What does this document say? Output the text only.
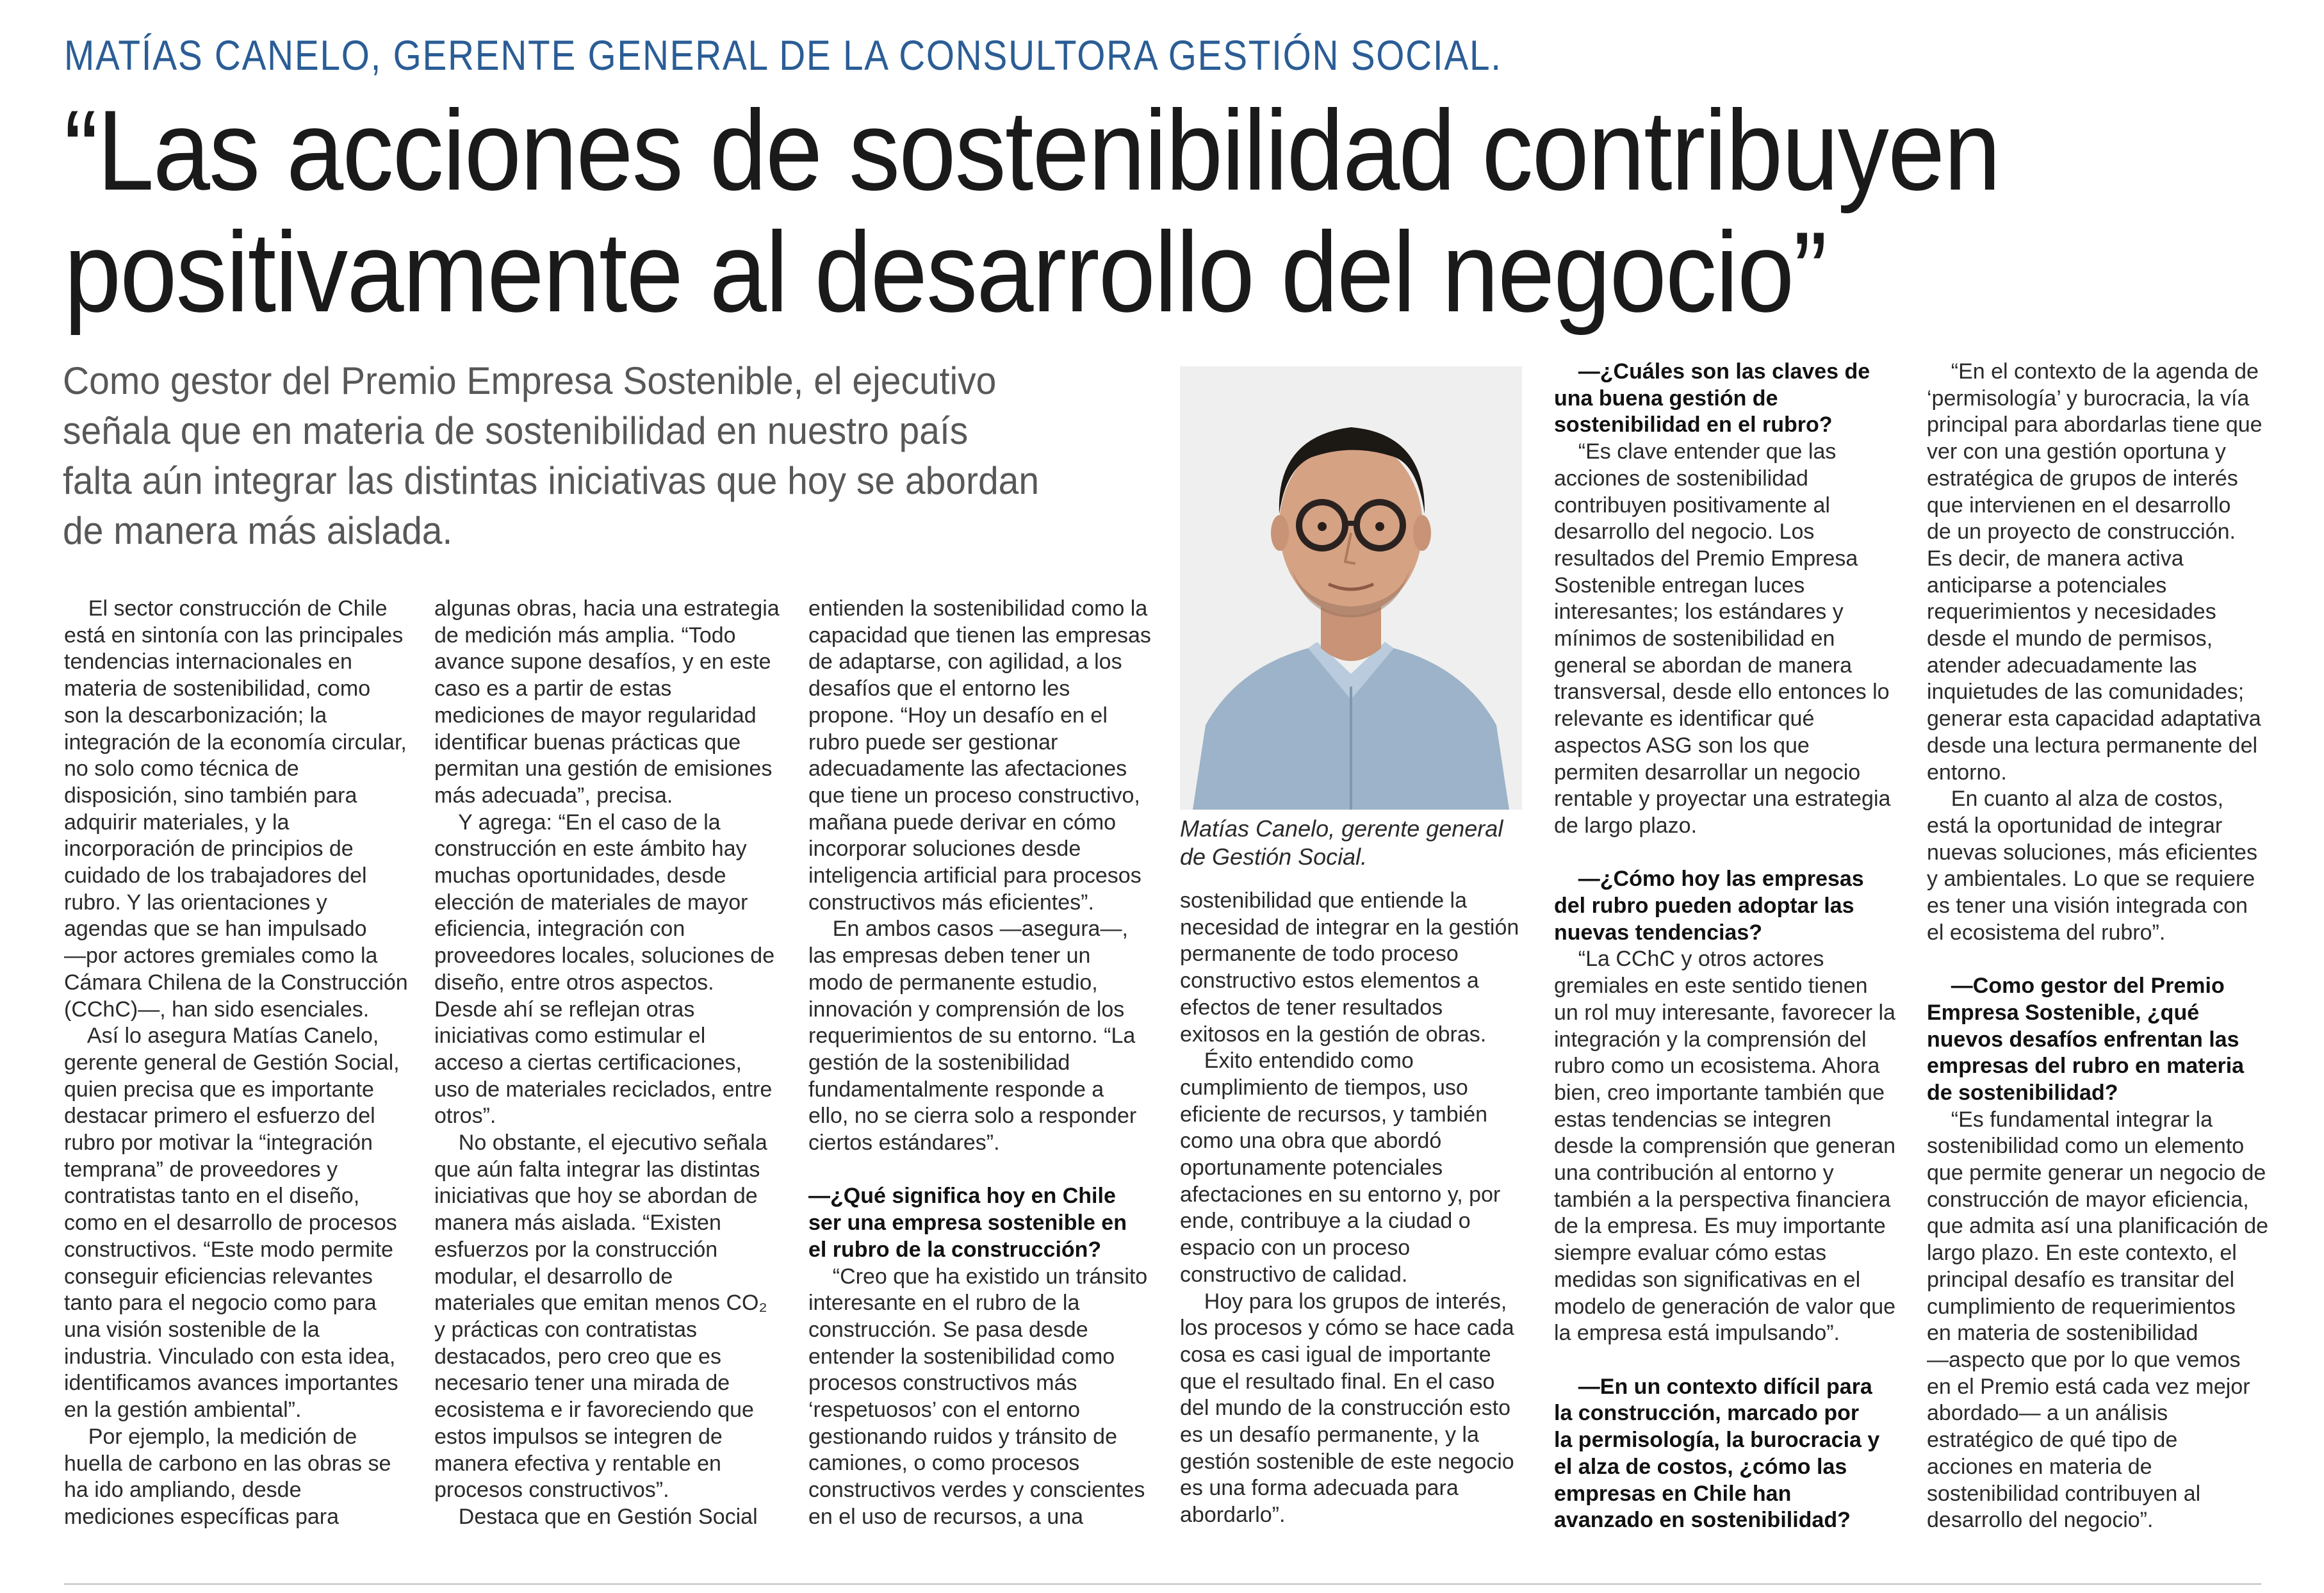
MATÍAS CANELO, GERENTE GENERAL DE LA CONSULTORA GESTIÓN SOCIAL.
“Las acciones de sostenibilidad contribuyen
positivamente al desarrollo del negocio”
Como gestor del Premio Empresa Sostenible, el ejecutivo
señala que en materia de sostenibilidad en nuestro país
falta aún integrar las distintas iniciativas que hoy se abordan
de manera más aislada.
Matías Canelo, gerente general
de Gestión Social.
El sector construcción de Chile
está en sintonía con las principales
tendencias internacionales en
materia de sostenibilidad, como
son la descarbonización; la
integración de la economía circular,
no solo como técnica de
disposición, sino también para
adquirir materiales, y la
incorporación de principios de
cuidado de los trabajadores del
rubro. Y las orientaciones y
agendas que se han impulsado
—por actores gremiales como la
Cámara Chilena de la Construcción
(CChC)—, han sido esenciales.
Así lo asegura Matías Canelo,
gerente general de Gestión Social,
quien precisa que es importante
destacar primero el esfuerzo del
rubro por motivar la “integración
temprana” de proveedores y
contratistas tanto en el diseño,
como en el desarrollo de procesos
constructivos. “Este modo permite
conseguir eficiencias relevantes
tanto para el negocio como para
una visión sostenible de la
industria. Vinculado con esta idea,
identificamos avances importantes
en la gestión ambiental”.
Por ejemplo, la medición de
huella de carbono en las obras se
ha ido ampliando, desde
mediciones específicas para
algunas obras, hacia una estrategia
de medición más amplia. “Todo
avance supone desafíos, y en este
caso es a partir de estas
mediciones de mayor regularidad
identificar buenas prácticas que
permitan una gestión de emisiones
más adecuada”, precisa.
Y agrega: “En el caso de la
construcción en este ámbito hay
muchas oportunidades, desde
elección de materiales de mayor
eficiencia, integración con
proveedores locales, soluciones de
diseño, entre otros aspectos.
Desde ahí se reflejan otras
iniciativas como estimular el
acceso a ciertas certificaciones,
uso de materiales reciclados, entre
otros”.
No obstante, el ejecutivo señala
que aún falta integrar las distintas
iniciativas que hoy se abordan de
manera más aislada. “Existen
esfuerzos por la construcción
modular, el desarrollo de
materiales que emitan menos CO₂
y prácticas con contratistas
destacados, pero creo que es
necesario tener una mirada de
ecosistema e ir favoreciendo que
estos impulsos se integren de
manera efectiva y rentable en
procesos constructivos”.
Destaca que en Gestión Social
entienden la sostenibilidad como la
capacidad que tienen las empresas
de adaptarse, con agilidad, a los
desafíos que el entorno les
propone. “Hoy un desafío en el
rubro puede ser gestionar
adecuadamente las afectaciones
que tiene un proceso constructivo,
mañana puede derivar en cómo
incorporar soluciones desde
inteligencia artificial para procesos
constructivos más eficientes”.
En ambos casos —asegura—,
las empresas deben tener un
modo de permanente estudio,
innovación y comprensión de los
requerimientos de su entorno. “La
gestión de la sostenibilidad
fundamentalmente responde a
ello, no se cierra solo a responder
ciertos estándares”.
—¿Qué significa hoy en Chile
ser una empresa sostenible en
el rubro de la construcción?
“Creo que ha existido un tránsito
interesante en el rubro de la
construcción. Se pasa desde
entender la sostenibilidad como
procesos constructivos más
‘respetuosos’ con el entorno
gestionando ruidos y tránsito de
camiones, o como procesos
constructivos verdes y conscientes
en el uso de recursos, a una
sostenibilidad que entiende la
necesidad de integrar en la gestión
permanente de todo proceso
constructivo estos elementos a
efectos de tener resultados
exitosos en la gestión de obras.
Éxito entendido como
cumplimiento de tiempos, uso
eficiente de recursos, y también
como una obra que abordó
oportunamente potenciales
afectaciones en su entorno y, por
ende, contribuye a la ciudad o
espacio con un proceso
constructivo de calidad.
Hoy para los grupos de interés,
los procesos y cómo se hace cada
cosa es casi igual de importante
que el resultado final. En el caso
del mundo de la construcción esto
es un desafío permanente, y la
gestión sostenible de este negocio
es una forma adecuada para
abordarlo”.
—¿Cuáles son las claves de
una buena gestión de
sostenibilidad en el rubro?
“Es clave entender que las
acciones de sostenibilidad
contribuyen positivamente al
desarrollo del negocio. Los
resultados del Premio Empresa
Sostenible entregan luces
interesantes; los estándares y
mínimos de sostenibilidad en
general se abordan de manera
transversal, desde ello entonces lo
relevante es identificar qué
aspectos ASG son los que
permiten desarrollar un negocio
rentable y proyectar una estrategia
de largo plazo.
—¿Cómo hoy las empresas
del rubro pueden adoptar las
nuevas tendencias?
“La CChC y otros actores
gremiales en este sentido tienen
un rol muy interesante, favorecer la
integración y la comprensión del
rubro como un ecosistema. Ahora
bien, creo importante también que
estas tendencias se integren
desde la comprensión que generan
una contribución al entorno y
también a la perspectiva financiera
de la empresa. Es muy importante
siempre evaluar cómo estas
medidas son significativas en el
modelo de generación de valor que
la empresa está impulsando”.
—En un contexto difícil para
la construcción, marcado por
la permisología, la burocracia y
el alza de costos, ¿cómo las
empresas en Chile han
avanzado en sostenibilidad?
“En el contexto de la agenda de
‘permisología’ y burocracia, la vía
principal para abordarlas tiene que
ver con una gestión oportuna y
estratégica de grupos de interés
que intervienen en el desarrollo
de un proyecto de construcción.
Es decir, de manera activa
anticiparse a potenciales
requerimientos y necesidades
desde el mundo de permisos,
atender adecuadamente las
inquietudes de las comunidades;
generar esta capacidad adaptativa
desde una lectura permanente del
entorno.
En cuanto al alza de costos,
está la oportunidad de integrar
nuevas soluciones, más eficientes
y ambientales. Lo que se requiere
es tener una visión integrada con
el ecosistema del rubro”.
—Como gestor del Premio
Empresa Sostenible, ¿qué
nuevos desafíos enfrentan las
empresas del rubro en materia
de sostenibilidad?
“Es fundamental integrar la
sostenibilidad como un elemento
que permite generar un negocio de
construcción de mayor eficiencia,
que admita así una planificación de
largo plazo. En este contexto, el
principal desafío es transitar del
cumplimiento de requerimientos
en materia de sostenibilidad
—aspecto que por lo que vemos
en el Premio está cada vez mejor
abordado— a un análisis
estratégico de qué tipo de
acciones en materia de
sostenibilidad contribuyen al
desarrollo del negocio”.
